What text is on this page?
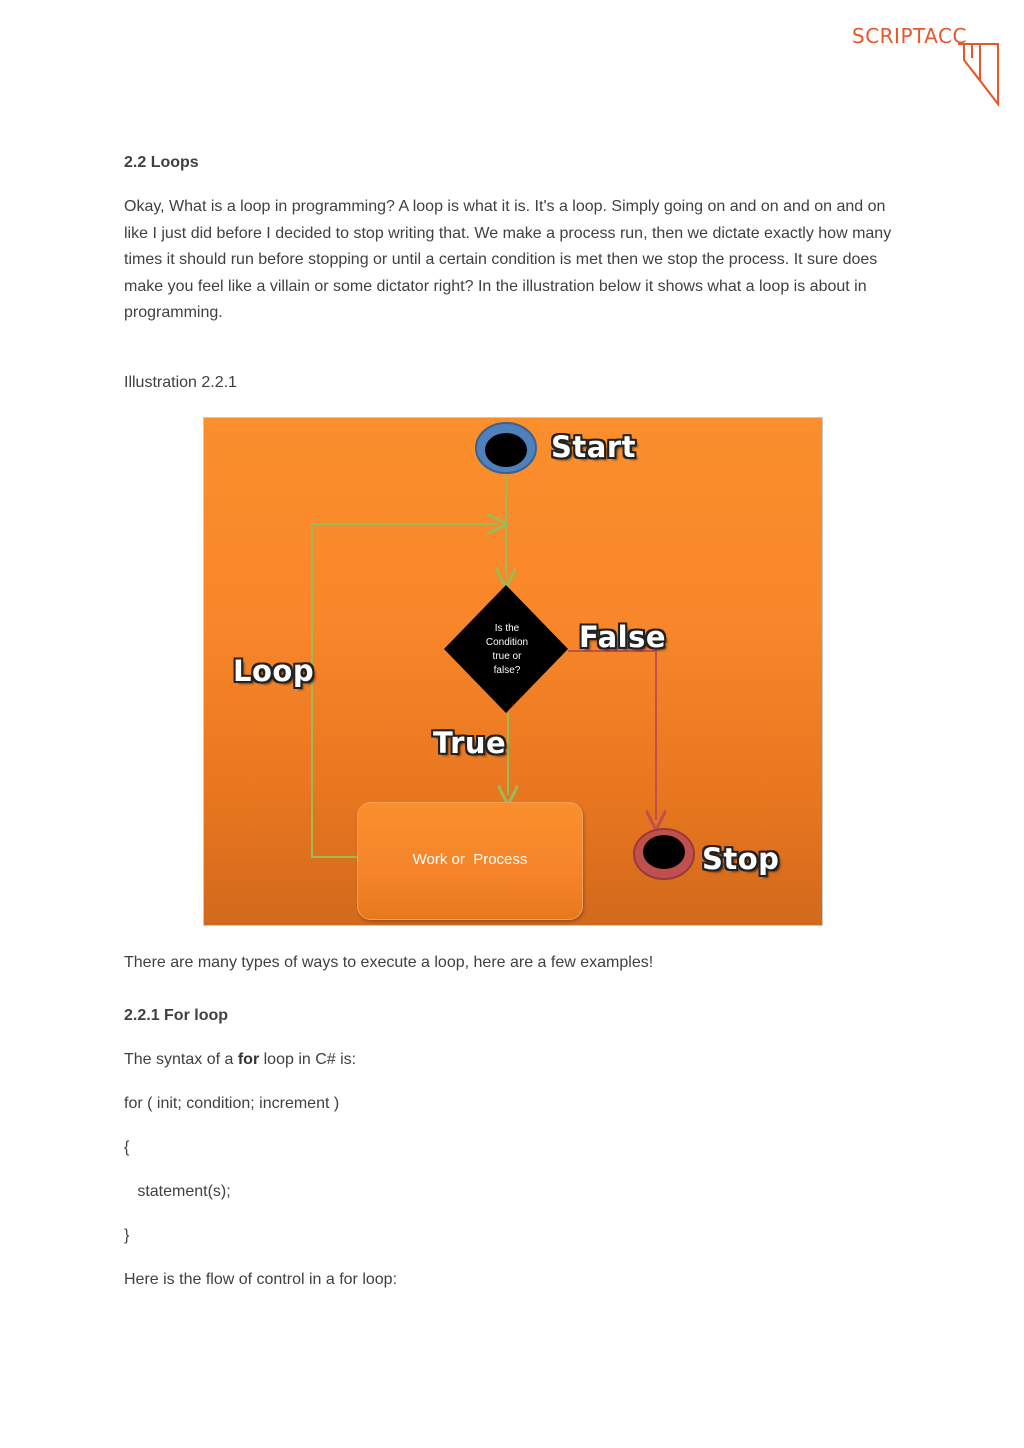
SCRIPTACC
2.2 Loops
Okay, What is a loop in programming? A loop is what it is. It's a loop. Simply going on and on and on and on like I just did before I decided to stop writing that. We make a process run, then we dictate exactly how many times it should run before stopping or until a certain condition is met then we stop the process. It sure does make you feel like a villain or some dictator right? In the illustration below it shows what a loop is about in programming.
Illustration 2.2.1
Start
False
Loop
True
Stop
Is the
Condition
true or
false?
Work or  Process
There are many types of ways to execute a loop, here are a few examples!
2.2.1 For loop
The syntax of a for loop in C# is:
for ( init; condition; increment )
{
statement(s);
}
Here is the flow of control in a for loop:
